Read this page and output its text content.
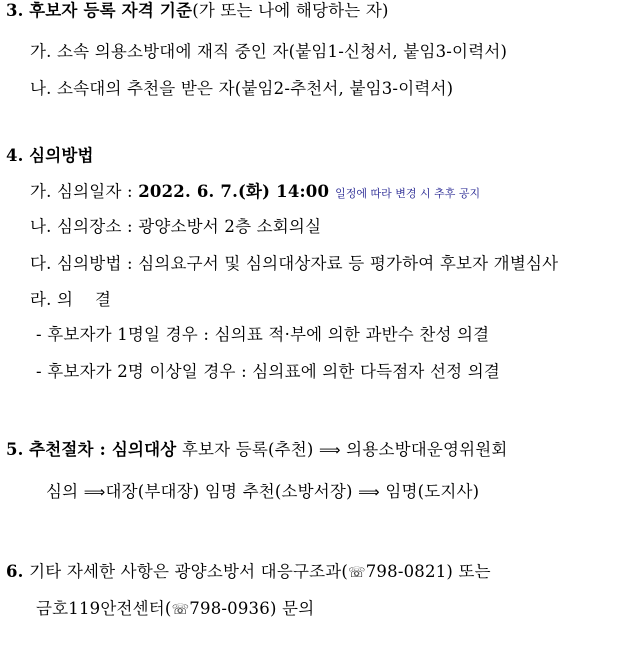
3. 후보자 등록 자격 기준(가 또는 나에 해당하는 자)
가. 소속 의용소방대에 재직 중인 자(붙임1-신청서, 붙임3-이력서)
나. 소속대의 추천을 받은 자(붙임2-추천서, 붙임3-이력서)
4. 심의방법
가. 심의일자 : 2022. 6. 7.(화) 14:00 일정에 따라 변경 시 추후 공지
나. 심의장소 : 광양소방서 2층 소회의실
다. 심의방법 : 심의요구서 및 심의대상자료 등 평가하여 후보자 개별심사
라. 의    결
- 후보자가 1명일 경우 : 심의표 적·부에 의한 과반수 찬성 의결
- 후보자가 2명 이상일 경우 : 심의표에 의한 다득점자 선정 의결
5. 추천절차 : 심의대상 후보자 등록(추천) ⟹ 의용소방대운영위원회
심의 ⟹대장(부대장) 임명 추천(소방서장) ⟹ 임명(도지사)
6. 기타 자세한 사항은 광양소방서 대응구조과(☏798-0821) 또는
금호119안전센터(☏798-0936) 문의
